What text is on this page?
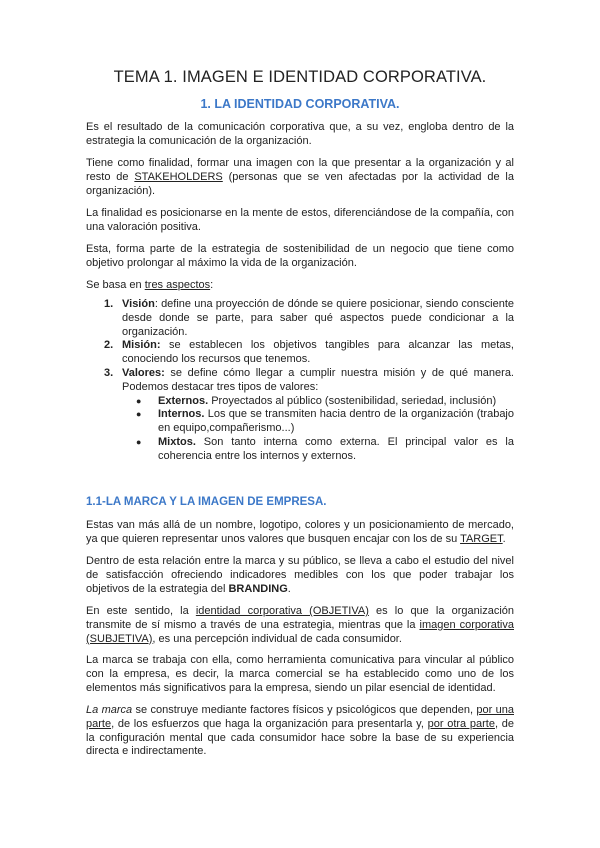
TEMA 1. IMAGEN E IDENTIDAD CORPORATIVA.
1. LA IDENTIDAD CORPORATIVA.

Es el resultado de la comunicación corporativa que, a su vez, engloba dentro de la estrategia la comunicación de la organización.

Tiene como finalidad, formar una imagen con la que presentar a la organización y al resto de STAKEHOLDERS (personas que se ven afectadas por la actividad de la organización).

La finalidad es posicionarse en la mente de estos, diferenciándose de la compañía, con una valoración positiva.

Esta, forma parte de la estrategia de sostenibilidad de un negocio que tiene como objetivo prolongar al máximo la vida de la organización.

Se basa en tres aspectos:

1. Visión: define una proyección de dónde se quiere posicionar, siendo consciente desde donde se parte, para saber qué aspectos puede condicionar a la organización.
2. Misión: se establecen los objetivos tangibles para alcanzar las metas, conociendo los recursos que tenemos.
3. Valores: se define cómo llegar a cumplir nuestra misión y de qué manera. Podemos destacar tres tipos de valores:
● Externos. Proyectados al público (sostenibilidad, seriedad, inclusión)
● Internos. Los que se transmiten hacia dentro de la organización (trabajo en equipo,compañerismo...)
● Mixtos. Son tanto interna como externa. El principal valor es la coherencia entre los internos y externos.
1.1-LA MARCA Y LA IMAGEN DE EMPRESA.

Estas van más allá de un nombre, logotipo, colores y un posicionamiento de mercado, ya que quieren representar unos valores que busquen encajar con los de su TARGET.

Dentro de esta relación entre la marca y su público, se lleva a cabo el estudio del nivel de satisfacción ofreciendo indicadores medibles con los que poder trabajar los objetivos de la estrategia del BRANDING.

En este sentido, la identidad corporativa (OBJETIVA) es lo que la organización transmite de sí mismo a través de una estrategia, mientras que la imagen corporativa (SUBJETIVA), es una percepción individual de cada consumidor.

La marca se trabaja con ella, como herramienta comunicativa para vincular al público con la empresa, es decir, la marca comercial se ha establecido como uno de los elementos más significativos para la empresa, siendo un pilar esencial de identidad.

La marca se construye mediante factores físicos y psicológicos que dependen, por una parte, de los esfuerzos que haga la organización para presentarla y, por otra parte, de la configuración mental que cada consumidor hace sobre la base de su experiencia directa e indirectamente.
